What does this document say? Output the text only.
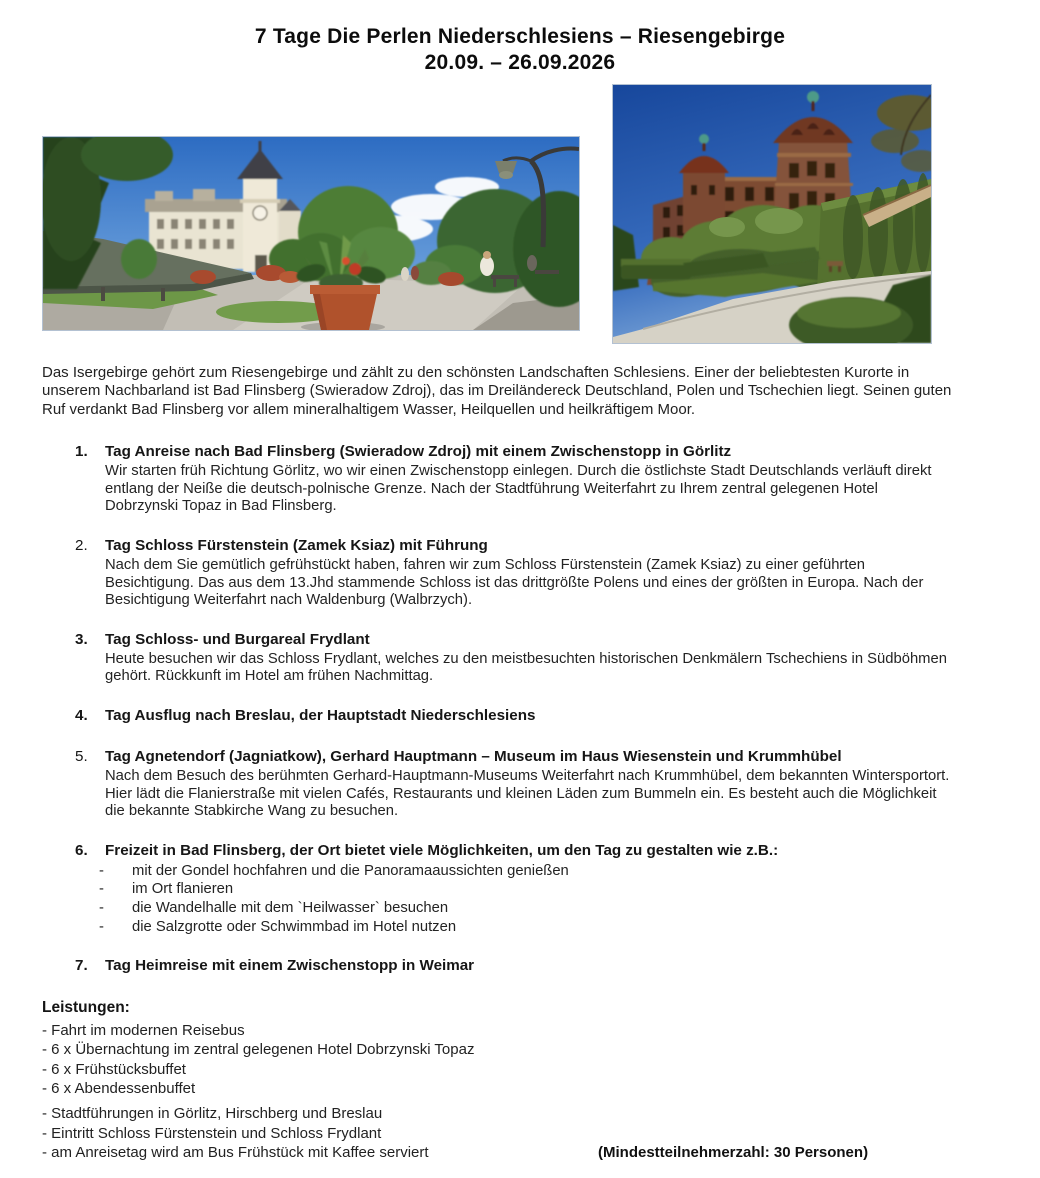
7 Tage Die Perlen Niederschlesiens – Riesengebirge
20.09. – 26.09.2026

Das Isergebirge gehört zum Riesengebirge und zählt zu den schönsten Landschaften Schlesiens. Einer der beliebtesten Kurorte in unserem Nachbarland ist Bad Flinsberg (Swieradow Zdroj), das im Dreiländereck Deutschland, Polen und Tschechien liegt. Seinen guten Ruf verdankt Bad Flinsberg vor allem mineralhaltigem Wasser, Heilquellen und heilkräftigem Moor.

1.	Tag Anreise nach Bad Flinsberg (Swieradow Zdroj) mit einem Zwischenstopp in Görlitz
Wir starten früh Richtung Görlitz, wo wir einen Zwischenstopp einlegen. Durch die östlichste Stadt Deutschlands verläuft direkt entlang der Neiße die deutsch-polnische Grenze. Nach der Stadtführung Weiterfahrt zu Ihrem zentral gelegenen Hotel Dobrzynski Topaz in Bad Flinsberg.
2.	Tag Schloss Fürstenstein (Zamek Ksiaz) mit Führung
Nach dem Sie gemütlich gefrühstückt haben, fahren wir zum Schloss Fürstenstein (Zamek Ksiaz) zu einer geführten Besichtigung. Das aus dem 13.Jhd stammende Schloss ist das drittgrößte Polens und eines der größten in Europa. Nach der Besichtigung Weiterfahrt nach Waldenburg (Walbrzych).
3.	Tag Schloss- und Burgareal Frydlant
Heute besuchen wir das Schloss Frydlant, welches zu den meistbesuchten historischen Denkmälern Tschechiens in Südböhmen gehört. Rückkunft im Hotel am frühen Nachmittag.
4.	Tag Ausflug nach Breslau, der Hauptstadt Niederschlesiens
5.	Tag Agnetendorf (Jagniatkow), Gerhard Hauptmann – Museum im Haus Wiesenstein und Krummhübel
Nach dem Besuch des berühmten Gerhard-Hauptmann-Museums Weiterfahrt nach Krummhübel, dem bekannten Wintersportort. Hier lädt die Flanierstraße mit vielen Cafés, Restaurants und kleinen Läden zum Bummeln ein. Es besteht auch die Möglichkeit die bekannte Stabkirche Wang zu besuchen.
6.	Freizeit in Bad Flinsberg, der Ort bietet viele Möglichkeiten, um den Tag zu gestalten wie z.B.:
- mit der Gondel hochfahren und die Panoramaaussichten genießen
- im Ort flanieren
- die Wandelhalle mit dem `Heilwasser` besuchen
- die Salzgrotte oder Schwimmbad im Hotel nutzen
7.	Tag Heimreise mit einem Zwischenstopp in Weimar
Leistungen:
- Fahrt im modernen Reisebus
- 6 x Übernachtung im zentral gelegenen Hotel Dobrzynski Topaz
- 6 x Frühstücksbuffet
- 6 x Abendessenbuffet
- Stadtführungen in Görlitz, Hirschberg und Breslau
- Eintritt Schloss Fürstenstein und Schloss Frydlant
- am Anreisetag wird am Bus Frühstück mit Kaffee serviert	(Mindestteilnehmerzahl: 30 Personen)
